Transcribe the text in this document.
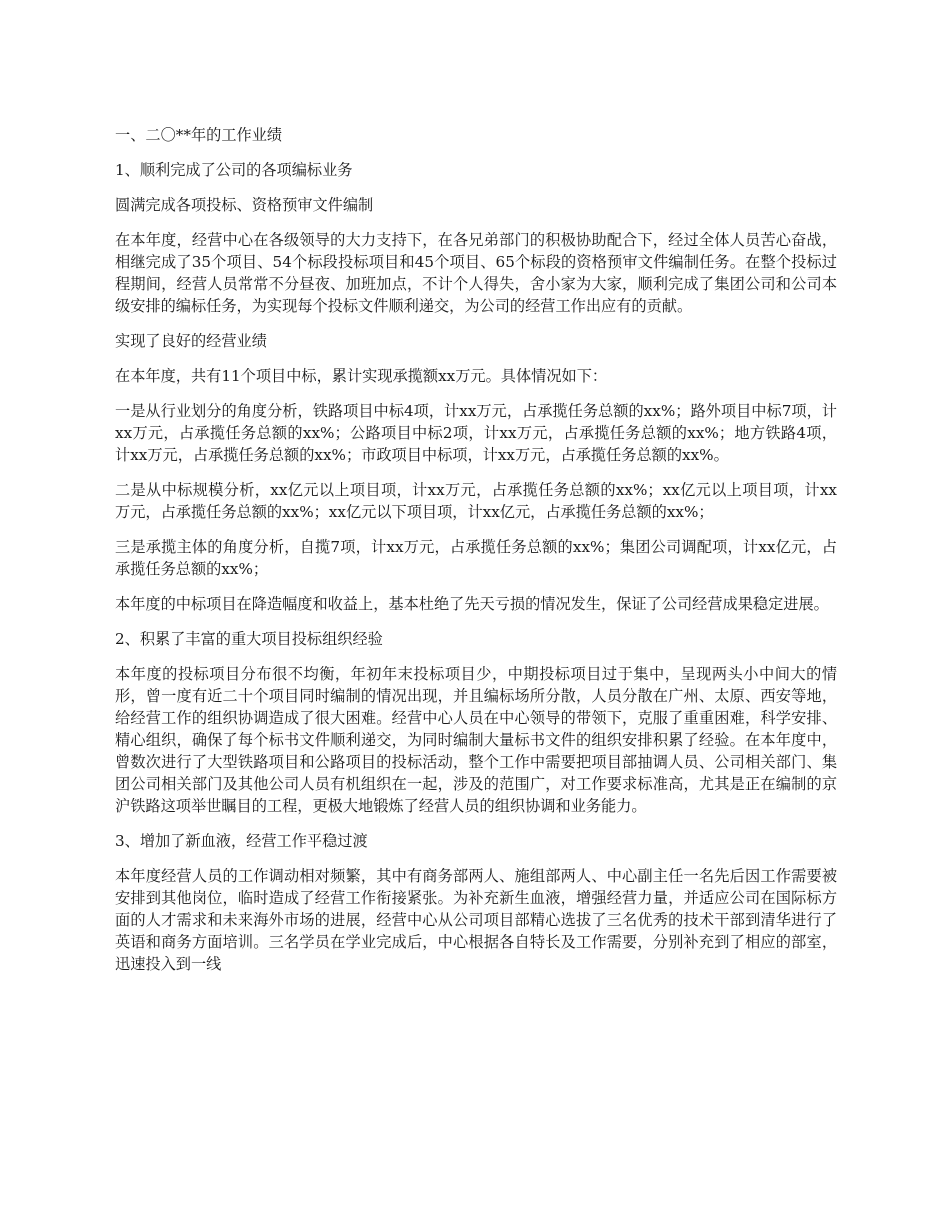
一、二〇**年的工作业绩

1、顺利完成了公司的各项编标业务

圆满完成各项投标、资格预审文件编制

在本年度，经营中心在各级领导的大力支持下，在各兄弟部门的积极协助配合下，经过全体人员苦心奋战，相继完成了35个项目、54个标段投标项目和45个项目、65个标段的资格预审文件编制任务。在整个投标过程期间，经营人员常常不分昼夜、加班加点，不计个人得失，舍小家为大家，顺利完成了集团公司和公司本级安排的编标任务，为实现每个投标文件顺利递交，为公司的经营工作出应有的贡献。

实现了良好的经营业绩

在本年度，共有11个项目中标，累计实现承揽额xx万元。具体情况如下：

一是从行业划分的角度分析，铁路项目中标4项，计xx万元，占承揽任务总额的xx%；路外项目中标7项，计xx万元，占承揽任务总额的xx%；公路项目中标2项，计xx万元，占承揽任务总额的xx%；地方铁路4项，计xx万元，占承揽任务总额的xx%；市政项目中标项，计xx万元，占承揽任务总额的xx%。

二是从中标规模分析，xx亿元以上项目项，计xx万元，占承揽任务总额的xx%；xx亿元以上项目项，计xx万元，占承揽任务总额的xx%；xx亿元以下项目项，计xx亿元，占承揽任务总额的xx%；

三是承揽主体的角度分析，自揽7项，计xx万元，占承揽任务总额的xx%；集团公司调配项，计xx亿元，占承揽任务总额的xx%；

本年度的中标项目在降造幅度和收益上，基本杜绝了先天亏损的情况发生，保证了公司经营成果稳定进展。

2、积累了丰富的重大项目投标组织经验

本年度的投标项目分布很不均衡，年初年末投标项目少，中期投标项目过于集中，呈现两头小中间大的情形，曾一度有近二十个项目同时编制的情况出现，并且编标场所分散，人员分散在广州、太原、西安等地，给经营工作的组织协调造成了很大困难。经营中心人员在中心领导的带领下，克服了重重困难，科学安排、精心组织，确保了每个标书文件顺利递交，为同时编制大量标书文件的组织安排积累了经验。在本年度中，曾数次进行了大型铁路项目和公路项目的投标活动，整个工作中需要把项目部抽调人员、公司相关部门、集团公司相关部门及其他公司人员有机组织在一起，涉及的范围广，对工作要求标准高，尤其是正在编制的京沪铁路这项举世瞩目的工程，更极大地锻炼了经营人员的组织协调和业务能力。

3、增加了新血液，经营工作平稳过渡

本年度经营人员的工作调动相对频繁，其中有商务部两人、施组部两人、中心副主任一名先后因工作需要被安排到其他岗位，临时造成了经营工作衔接紧张。为补充新生血液，增强经营力量，并适应公司在国际标方面的人才需求和未来海外市场的进展，经营中心从公司项目部精心选拔了三名优秀的技术干部到清华进行了英语和商务方面培训。三名学员在学业完成后，中心根据各自特长及工作需要，分别补充到了相应的部室，迅速投入到一线
